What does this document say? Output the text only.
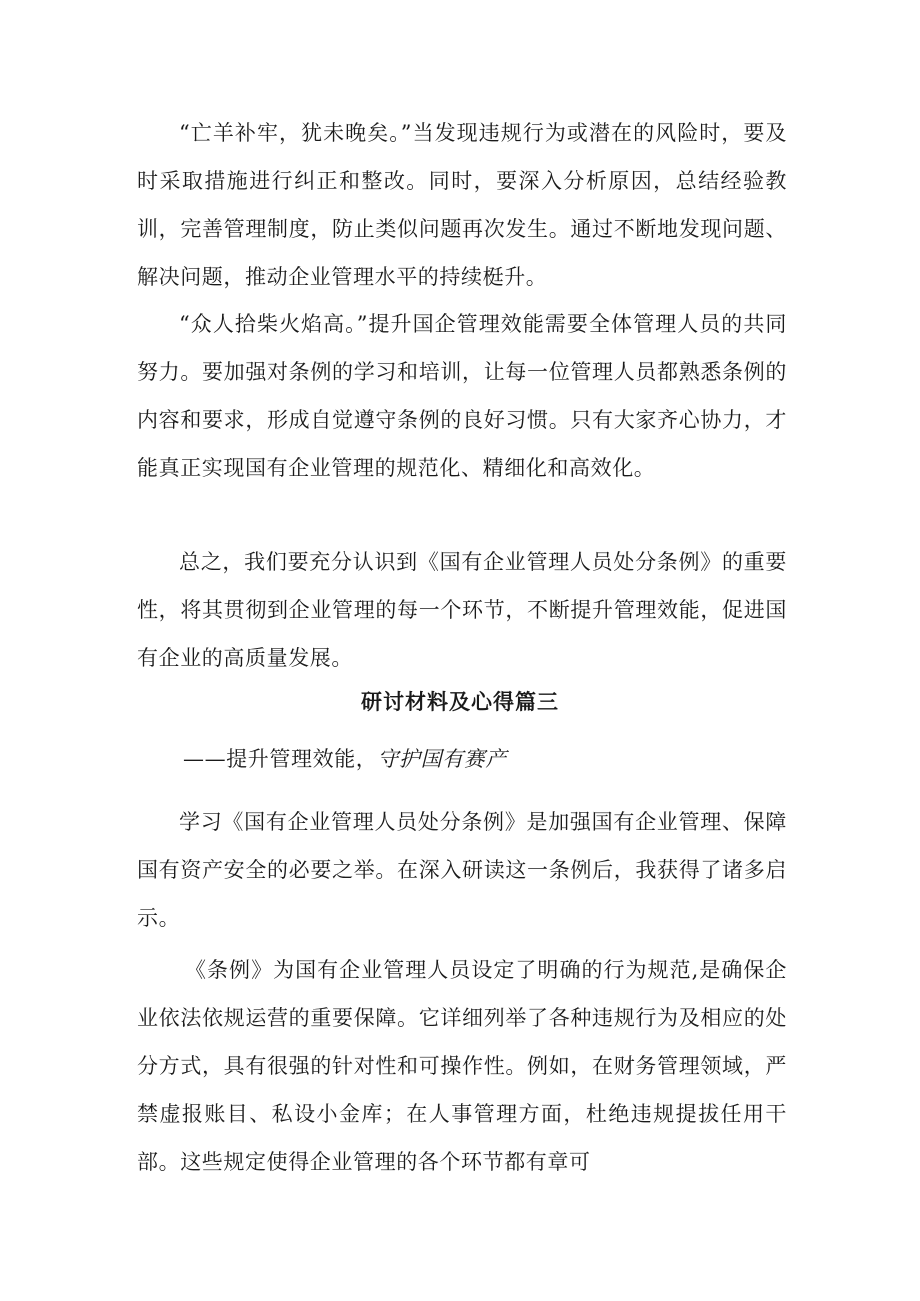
“亡羊补牢，犹未晚矣。”当发现违规行为或潜在的风险时，要及时采取措施进行纠正和整改。同时，要深入分析原因，总结经验教训，完善管理制度，防止类似问题再次发生。通过不断地发现问题、解决问题，推动企业管理水平的持续梃升。

“众人拾柴火焰高。”提升国企管理效能需要全体管理人员的共同努力。要加强对条例的学习和培训，让每一位管理人员都熟悉条例的内容和要求，形成自觉遵守条例的良好习惯。只有大家齐心协力，才能真正实现国有企业管理的规范化、精细化和高效化。

总之，我们要充分认识到《国有企业管理人员处分条例》的重要性，将其贯彻到企业管理的每一个环节，不断提升管理效能，促进国有企业的高质量发展。

研讨材料及心得篇三

——提升管理效能，守护国有赛产

学习《国有企业管理人员处分条例》是加强国有企业管理、保障国有资产安全的必要之举。在深入研读这一条例后，我获得了诸多启示。

《条例》为国有企业管理人员设定了明确的行为规范,是确保企业依法依规运营的重要保障。它详细列举了各种违规行为及相应的处分方式，具有很强的针对性和可操作性。例如，在财务管理领域，严禁虚报账目、私设小金库；在人事管理方面，杜绝违规提拔任用干部。这些规定使得企业管理的各个环节都有章可
